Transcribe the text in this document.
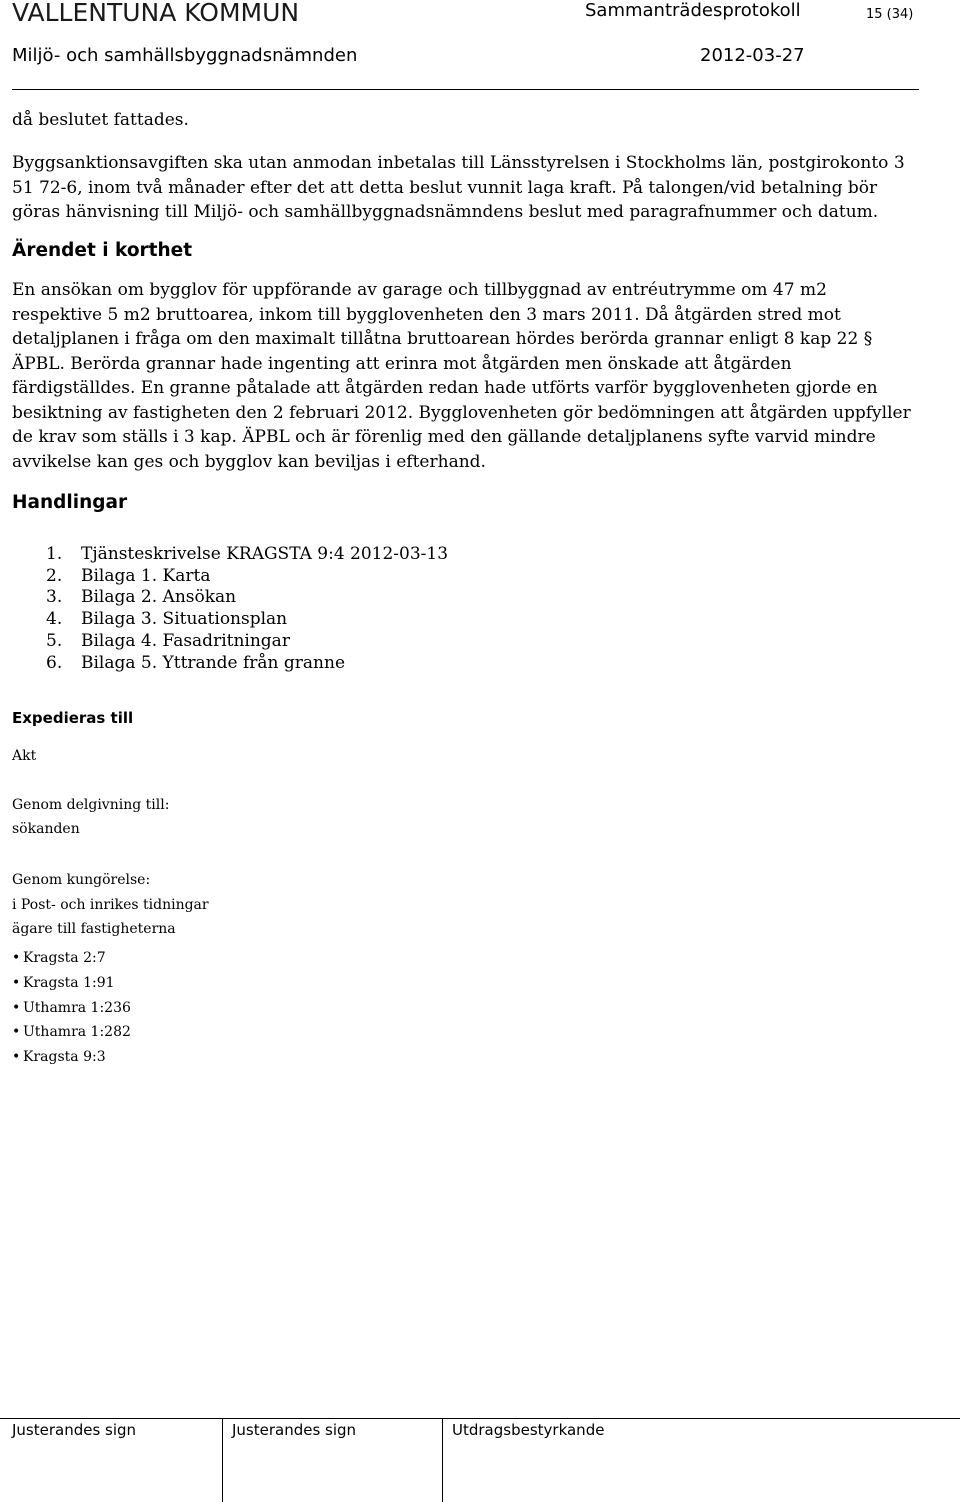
VALLENTUNA KOMMUN	Sammanträdesprotokoll	15 (34)
Miljö- och samhällsbyggnadsnämnden	2012-03-27
då beslutet fattades.
Byggsanktionsavgiften ska utan anmodan inbetalas till Länsstyrelsen i Stockholms län, postgirokonto 3 51 72-6, inom två månader efter det att detta beslut vunnit laga kraft. På talongen/vid betalning bör göras hänvisning till Miljö- och samhällbyggnadsnämndens beslut med paragrafnummer och datum.
Ärendet i korthet
En ansökan om bygglov för uppförande av garage och tillbyggnad av entréutrymme om 47 m2 respektive 5 m2 bruttoarea, inkom till bygglovenheten den 3 mars 2011. Då åtgärden stred mot detaljplanen i fråga om den maximalt tillåtna bruttoarean hördes berörda grannar enligt 8 kap 22 § ÄPBL. Berörda grannar hade ingenting att erinra mot åtgärden men önskade att åtgärden färdigställdes. En granne påtalade att åtgärden redan hade utförts varför bygglovenheten gjorde en besiktning av fastigheten den 2 februari 2012. Bygglovenheten gör bedömningen att åtgärden uppfyller de krav som ställs i 3 kap. ÄPBL och är förenlig med den gällande detaljplanens syfte varvid mindre avvikelse kan ges och bygglov kan beviljas i efterhand.
Handlingar
1. Tjänsteskrivelse KRAGSTA 9:4 2012-03-13
2. Bilaga 1. Karta
3. Bilaga 2. Ansökan
4. Bilaga 3. Situationsplan
5. Bilaga 4. Fasadritningar
6. Bilaga 5. Yttrande från granne
Expedieras till
Akt
Genom delgivning till:
sökanden
Genom kungörelse:
i Post- och inrikes tidningar
ägare till fastigheterna
• Kragsta 2:7
• Kragsta 1:91
• Uthamra 1:236
• Uthamra 1:282
• Kragsta 9:3
Justerandes sign	Justerandes sign	Utdragsbestyrkande
